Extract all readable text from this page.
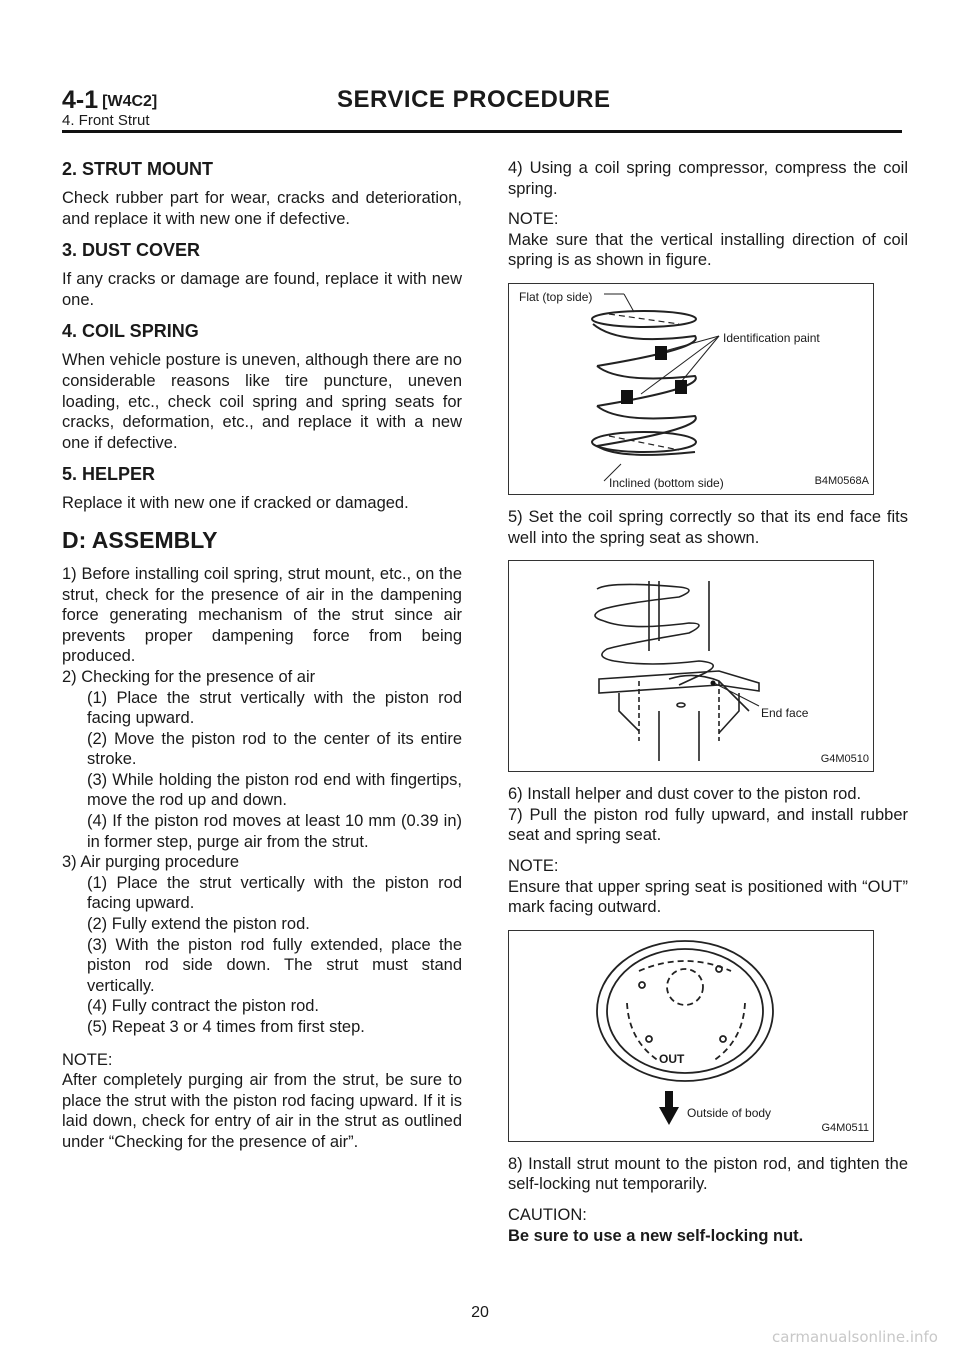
4-1 [W4C2]	SERVICE PROCEDURE
4. Front Strut
2. STRUT MOUNT

Check rubber part for wear, cracks and deterioration, and replace it with new one if defective.

3. DUST COVER

If any cracks or damage are found, replace it with new one.

4. COIL SPRING

When vehicle posture is uneven, although there are no considerable reasons like tire puncture, uneven loading, etc., check coil spring and spring seats for cracks, deformation, etc., and replace it with a new one if defective.

5. HELPER

Replace it with new one if cracked or damaged.

D: ASSEMBLY
1) Before installing coil spring, strut mount, etc., on the strut, check for the presence of air in the dampening force generating mechanism of the strut since air prevents proper dampening force from being produced.
2) Checking for the presence of air
(1) Place the strut vertically with the piston rod facing upward.
(2) Move the piston rod to the center of its entire stroke.
(3) While holding the piston rod end with fingertips, move the rod up and down.
(4) If the piston rod moves at least 10 mm (0.39 in) in former step, purge air from the strut.
3) Air purging procedure
(1) Place the strut vertically with the piston rod facing upward.
(2) Fully extend the piston rod.
(3) With the piston rod fully extended, place the piston rod side down. The strut must stand vertically.
(4) Fully contract the piston rod.
(5) Repeat 3 or 4 times from first step.
NOTE:
After completely purging air from the strut, be sure to place the strut with the piston rod facing upward. If it is laid down, check for entry of air in the strut as outlined under “Checking for the presence of air”.

4) Using a coil spring compressor, compress the coil spring.

NOTE:
Make sure that the vertical installing direction of coil spring is as shown in figure.
Flat (top side)
Identification paint
Inclined (bottom side)	B4M0568A

5) Set the coil spring correctly so that its end face fits well into the spring seat as shown.

End face
G4M0510
6) Install helper and dust cover to the piston rod.

7) Pull the piston rod fully upward, and install rubber seat and spring seat.

NOTE:
Ensure that upper spring seat is positioned with “OUT” mark facing outward.
OUT
Outside of body
G4M0511

8) Install strut mount to the piston rod, and tighten the self-locking nut temporarily.

CAUTION:
Be sure to use a new self-locking nut.
20
carmanualsonline.info
